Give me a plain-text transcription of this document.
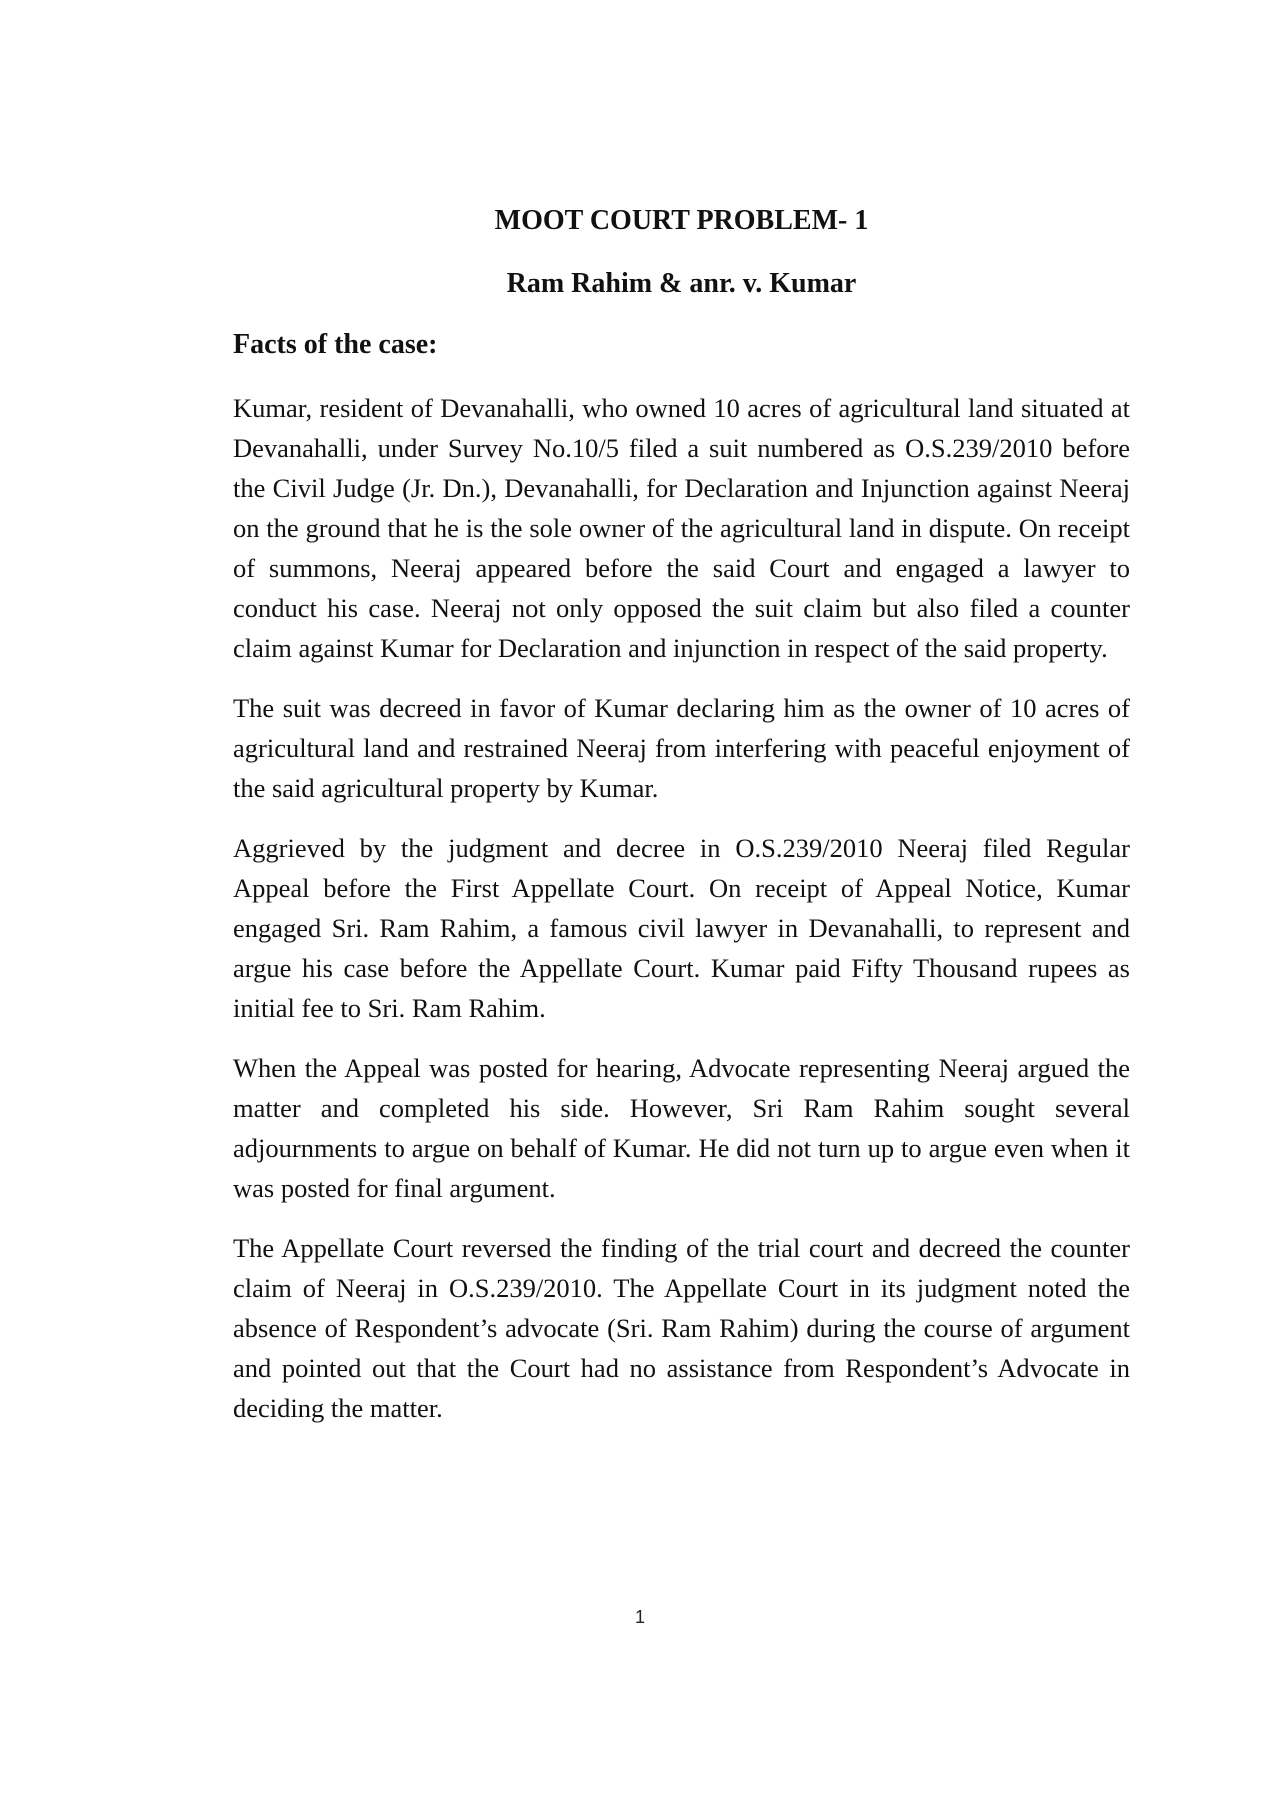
MOOT COURT PROBLEM- 1
Ram Rahim & anr. v. Kumar
Facts of the case:

Kumar, resident of Devanahalli, who owned 10 acres of agricultural land situated at Devanahalli, under Survey No.10/5 filed a suit numbered as O.S.239/2010 before the Civil Judge (Jr. Dn.), Devanahalli, for Declaration and Injunction against Neeraj on the ground that he is the sole owner of the agricultural land in dispute. On receipt of summons, Neeraj appeared before the said Court and engaged a lawyer to conduct his case. Neeraj not only opposed the suit claim but also filed a counter claim against Kumar for Declaration and injunction in respect of the said property.

The suit was decreed in favor of Kumar declaring him as the owner of 10 acres of agricultural land and restrained Neeraj from interfering with peaceful enjoyment of the said agricultural property by Kumar.

Aggrieved by the judgment and decree in O.S.239/2010 Neeraj filed Regular Appeal before the First Appellate Court. On receipt of Appeal Notice, Kumar engaged Sri. Ram Rahim, a famous civil lawyer in Devanahalli, to represent and argue his case before the Appellate Court. Kumar paid Fifty Thousand rupees as initial fee to Sri. Ram Rahim.

When the Appeal was posted for hearing, Advocate representing Neeraj argued the matter and completed his side. However, Sri Ram Rahim sought several adjournments to argue on behalf of Kumar. He did not turn up to argue even when it was posted for final argument.

The Appellate Court reversed the finding of the trial court and decreed the counter claim of Neeraj in O.S.239/2010. The Appellate Court in its judgment noted the absence of Respondent’s advocate (Sri. Ram Rahim) during the course of argument and pointed out that the Court had no assistance from Respondent’s Advocate in deciding the matter.

1
